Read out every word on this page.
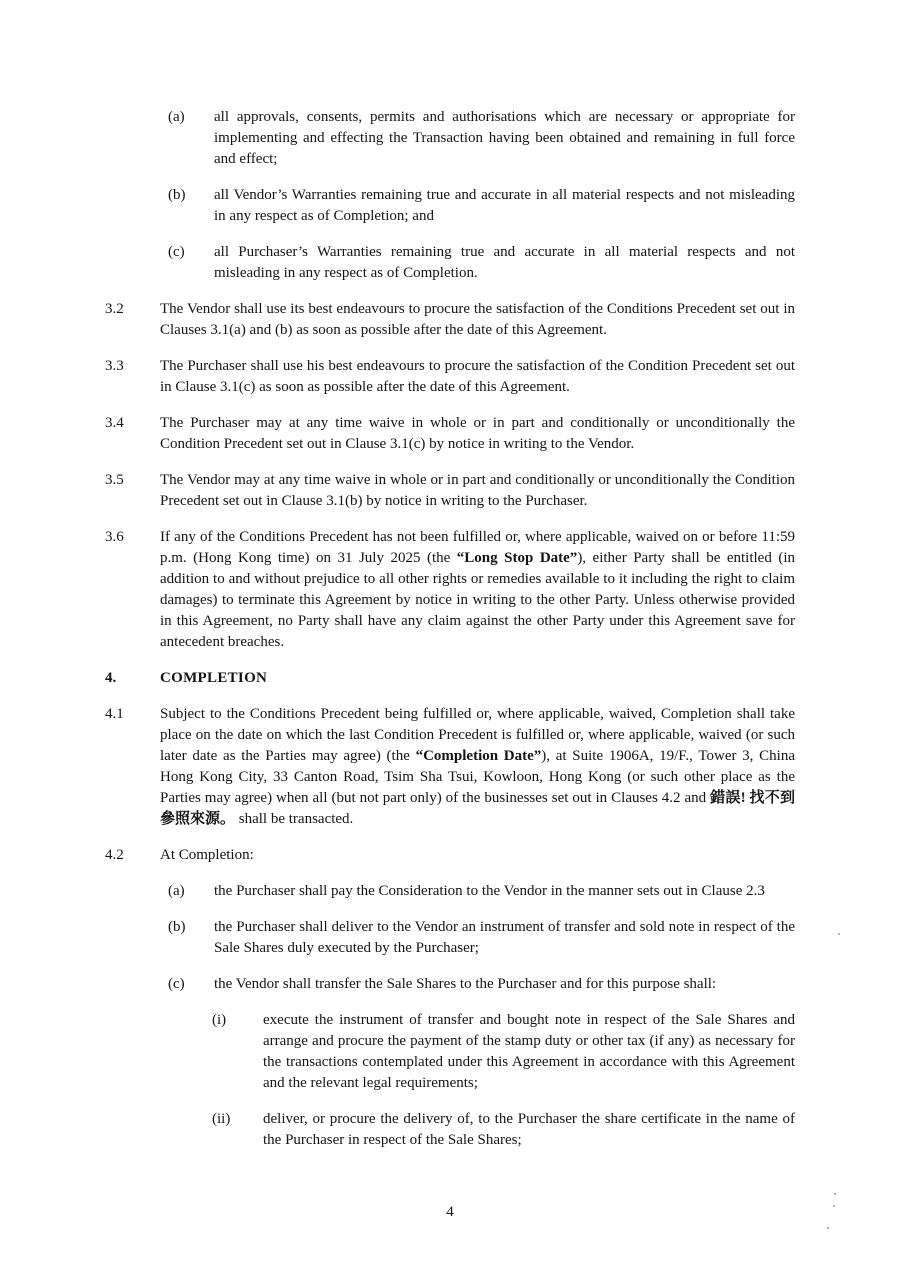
(a)	all approvals, consents, permits and authorisations which are necessary or appropriate for implementing and effecting the Transaction having been obtained and remaining in full force and effect;
(b)	all Vendor’s Warranties remaining true and accurate in all material respects and not misleading in any respect as of Completion; and
(c)	all Purchaser’s Warranties remaining true and accurate in all material respects and not misleading in any respect as of Completion.
3.2	The Vendor shall use its best endeavours to procure the satisfaction of the Conditions Precedent set out in Clauses 3.1(a) and (b) as soon as possible after the date of this Agreement.
3.3	The Purchaser shall use his best endeavours to procure the satisfaction of the Condition Precedent set out in Clause 3.1(c) as soon as possible after the date of this Agreement.
3.4	The Purchaser may at any time waive in whole or in part and conditionally or unconditionally the Condition Precedent set out in Clause 3.1(c) by notice in writing to the Vendor.
3.5	The Vendor may at any time waive in whole or in part and conditionally or unconditionally the Condition Precedent set out in Clause 3.1(b) by notice in writing to the Purchaser.
3.6	If any of the Conditions Precedent has not been fulfilled or, where applicable, waived on or before 11:59 p.m. (Hong Kong time) on 31 July 2025 (the “Long Stop Date”), either Party shall be entitled (in addition to and without prejudice to all other rights or remedies available to it including the right to claim damages) to terminate this Agreement by notice in writing to the other Party. Unless otherwise provided in this Agreement, no Party shall have any claim against the other Party under this Agreement save for antecedent breaches.
4.	COMPLETION
4.1	Subject to the Conditions Precedent being fulfilled or, where applicable, waived, Completion shall take place on the date on which the last Condition Precedent is fulfilled or, where applicable, waived (or such later date as the Parties may agree) (the “Completion Date”), at Suite 1906A, 19/F., Tower 3, China Hong Kong City, 33 Canton Road, Tsim Sha Tsui, Kowloon, Hong Kong (or such other place as the Parties may agree) when all (but not part only) of the businesses set out in Clauses 4.2 and 錯誤! 找不到參照來源。 shall be transacted.
4.2	At Completion:
(a)	the Purchaser shall pay the Consideration to the Vendor in the manner sets out in Clause 2.3
(b)	the Purchaser shall deliver to the Vendor an instrument of transfer and sold note in respect of the Sale Shares duly executed by the Purchaser;
(c)	the Vendor shall transfer the Sale Shares to the Purchaser and for this purpose shall:
(i)	execute the instrument of transfer and bought note in respect of the Sale Shares and arrange and procure the payment of the stamp duty or other tax (if any) as necessary for the transactions contemplated under this Agreement in accordance with this Agreement and the relevant legal requirements;
(ii)	deliver, or procure the delivery of, to the Purchaser the share certificate in the name of the Purchaser in respect of the Sale Shares;
4
